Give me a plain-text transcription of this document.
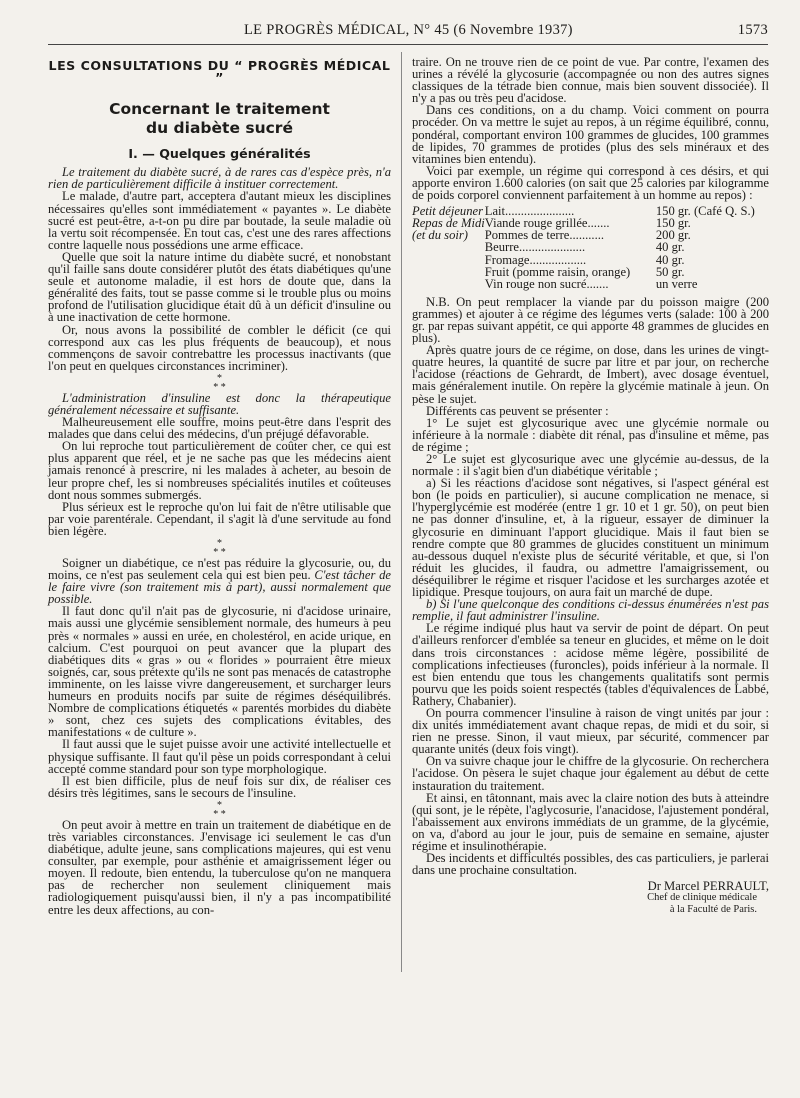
LE PROGRÈS MÉDICAL, N° 45 (6 Novembre 1937)	1573
LES CONSULTATIONS DU “ PROGRÈS MÉDICAL ”
Concernant le traitement
du diabète sucré
I. — Quelques généralités

Le traitement du diabète sucré, à de rares cas d'espèce près, n'a rien de particulièrement difficile à instituer correctement.

Le malade, d'autre part, acceptera d'autant mieux les disciplines nécessaires qu'elles sont immédiatement « payantes ». Le diabète sucré est peut-être, a-t-on pu dire par boutade, la seule maladie où la vertu soit récompensée. En tout cas, c'est une des rares affections contre laquelle nous possédions une arme efficace.

Quelle que soit la nature intime du diabète sucré, et nonobstant qu'il faille sans doute considérer plutôt des états diabétiques qu'une seule et autonome maladie, il est hors de doute que, dans la généralité des faits, tout se passe comme si le trouble plus ou moins profond de l'utilisation glucidique était dû à un déficit d'insuline ou à une inactivation de cette hormone.

Or, nous avons la possibilité de combler le déficit (ce qui correspond aux cas les plus fréquents de beaucoup), et nous commençons de savoir contrebattre les processus inactivants (que l'on peut en quelques circonstances incriminer).

*
* *

L'administration d'insuline est donc la thérapeutique généralement nécessaire et suffisante.

Malheureusement elle souffre, moins peut-être dans l'esprit des malades que dans celui des médecins, d'un préjugé défavorable.

On lui reproche tout particulièrement de coûter cher, ce qui est plus apparent que réel, et je ne sache pas que les médecins aient jamais renoncé à prescrire, ni les malades à acheter, au besoin de leur propre chef, les si nombreuses spécialités inutiles et coûteuses dont nous sommes submergés.

Plus sérieux est le reproche qu'on lui fait de n'être utilisable que par voie parentérale. Cependant, il s'agit là d'une servitude au fond bien légère.

*
* *

Soigner un diabétique, ce n'est pas réduire la glycosurie, ou, du moins, ce n'est pas seulement cela qui est bien peu. C'est tâcher de le faire vivre (son traitement mis à part), aussi normalement que possible.

Il faut donc qu'il n'ait pas de glycosurie, ni d'acidose urinaire, mais aussi une glycémie sensiblement normale, des humeurs à peu près « normales » aussi en urée, en cholestérol, en acide urique, en calcium. C'est pourquoi on peut avancer que la plupart des diabétiques dits « gras » ou « florides » pourraient être mieux soignés, car, sous prétexte qu'ils ne sont pas menacés de catastrophe imminente, on les laisse vivre dangereusement, et surcharger leurs humeurs en produits nocifs par suite de régimes déséquilibrés. Nombre de complications étiquetés « parentés morbides du diabète » sont, chez ces sujets des complications évitables, des manifestations « de culture ».

Il faut aussi que le sujet puisse avoir une activité intellectuelle et physique suffisante. Il faut qu'il pèse un poids correspondant à celui accepté comme standard pour son type morphologique.

Il est bien difficile, plus de neuf fois sur dix, de réaliser ces désirs très légitimes, sans le secours de l'insuline.

*
* *

On peut avoir à mettre en train un traitement de diabétique en de très variables circonstances. J'envisage ici seulement le cas d'un diabétique, adulte jeune, sans complications majeures, qui est venu consulter, par exemple, pour asthénie et amaigrissement léger ou moyen. Il redoute, bien entendu, la tuberculose qu'on ne manquera pas de rechercher non seulement cliniquement mais radiologiquement puisqu'aussi bien, il n'y a pas incompatibilité entre les deux affections, au con-

traire. On ne trouve rien de ce point de vue. Par contre, l'examen des urines a révélé la glycosurie (accompagnée ou non des autres signes classiques de la tétrade bien connue, mais bien souvent dissociée). Il n'y a pas ou très peu d'acidose.

Dans ces conditions, on a du champ. Voici comment on pourra procéder. On va mettre le sujet au repos, à un régime équilibré, connu, pondéral, comportant environ 100 grammes de glucides, 100 grammes de lipides, 70 grammes de protides (plus des sels minéraux et des vitamines bien entendu).

Voici par exemple, un régime qui correspond à ces désirs, et qui apporte environ 1.600 calories (on sait que 25 calories par kilogramme de poids corporel conviennent parfaitement à un homme au repos) :

Petit déjeuner	Lait......................	150 gr. (Café Q. S.)
Repas de Midi	Viande rouge grillée.......	150 gr.
(et du soir)	Pommes de terre...........	200 gr.
	Beurre.....................	40 gr.
	Fromage..................	40 gr.
	Fruit (pomme raisin, orange)	50 gr.
	Vin rouge non sucré.......	un verre

N.B. On peut remplacer la viande par du poisson maigre (200 grammes) et ajouter à ce régime des légumes verts (salade: 100 à 200 gr. par repas suivant appétit, ce qui apporte 48 grammes de glucides en plus).

Après quatre jours de ce régime, on dose, dans les urines de vingt-quatre heures, la quantité de sucre par litre et par jour, on recherche l'acidose (réactions de Gehrardt, de Imbert), avec dosage éventuel, mais généralement inutile. On repère la glycémie matinale à jeun. On pèse le sujet.

Différents cas peuvent se présenter :

1° Le sujet est glycosurique avec une glycémie normale ou inférieure à la normale : diabète dit rénal, pas d'insuline et même, pas de régime ;

2° Le sujet est glycosurique avec une glycémie au-dessus, de la normale : il s'agit bien d'un diabétique véritable ;

a) Si les réactions d'acidose sont négatives, si l'aspect général est bon (le poids en particulier), si aucune complication ne menace, si l'hyperglycémie est modérée (entre 1 gr. 10 et 1 gr. 50), on peut bien ne pas donner d'insuline, et, à la rigueur, essayer de diminuer la glycosurie en diminuant l'apport glucidique. Mais il faut bien se rendre compte que 80 grammes de glucides constituent un minimum au-dessous duquel n'existe plus de sécurité véritable, et que, si l'on réduit les glucides, il faudra, ou admettre l'amaigrissement, ou déséquilibrer le régime et risquer l'acidose et les surcharges azotée et lipidique. Presque toujours, on aura fait un marché de dupe.

b) Si l'une quelconque des conditions ci-dessus énumérées n'est pas remplie, il faut administrer l'insuline.

Le régime indiqué plus haut va servir de point de départ. On peut d'ailleurs renforcer d'emblée sa teneur en glucides, et même on le doit dans trois circonstances : acidose même légère, possibilité de complications infectieuses (furoncles), poids inférieur à la normale. Il est bien entendu que tous les changements qualitatifs sont permis pourvu que les poids soient respectés (tables d'équivalences de Labbé, Rathery, Chabanier).

On pourra commencer l'insuline à raison de vingt unités par jour : dix unités immédiatement avant chaque repas, de midi et du soir, si rien ne presse. Sinon, il vaut mieux, par sécurité, commencer par quarante unités (deux fois vingt).

On va suivre chaque jour le chiffre de la glycosurie. On recherchera l'acidose. On pèsera le sujet chaque jour également au début de cette instauration du traitement.

Et ainsi, en tâtonnant, mais avec la claire notion des buts à atteindre (qui sont, je le répète, l'aglycosurie, l'anacidose, l'ajustement pondéral, l'abaissement aux environs immédiats de un gramme, de la glycémie, on va, d'abord au jour le jour, puis de semaine en semaine, ajuster régime et insulinothérapie.

Des incidents et difficultés possibles, des cas particuliers, je parlerai dans une prochaine consultation.

Dr Marcel PERRAULT,
Chef de clinique médicale
à la Faculté de Paris.
